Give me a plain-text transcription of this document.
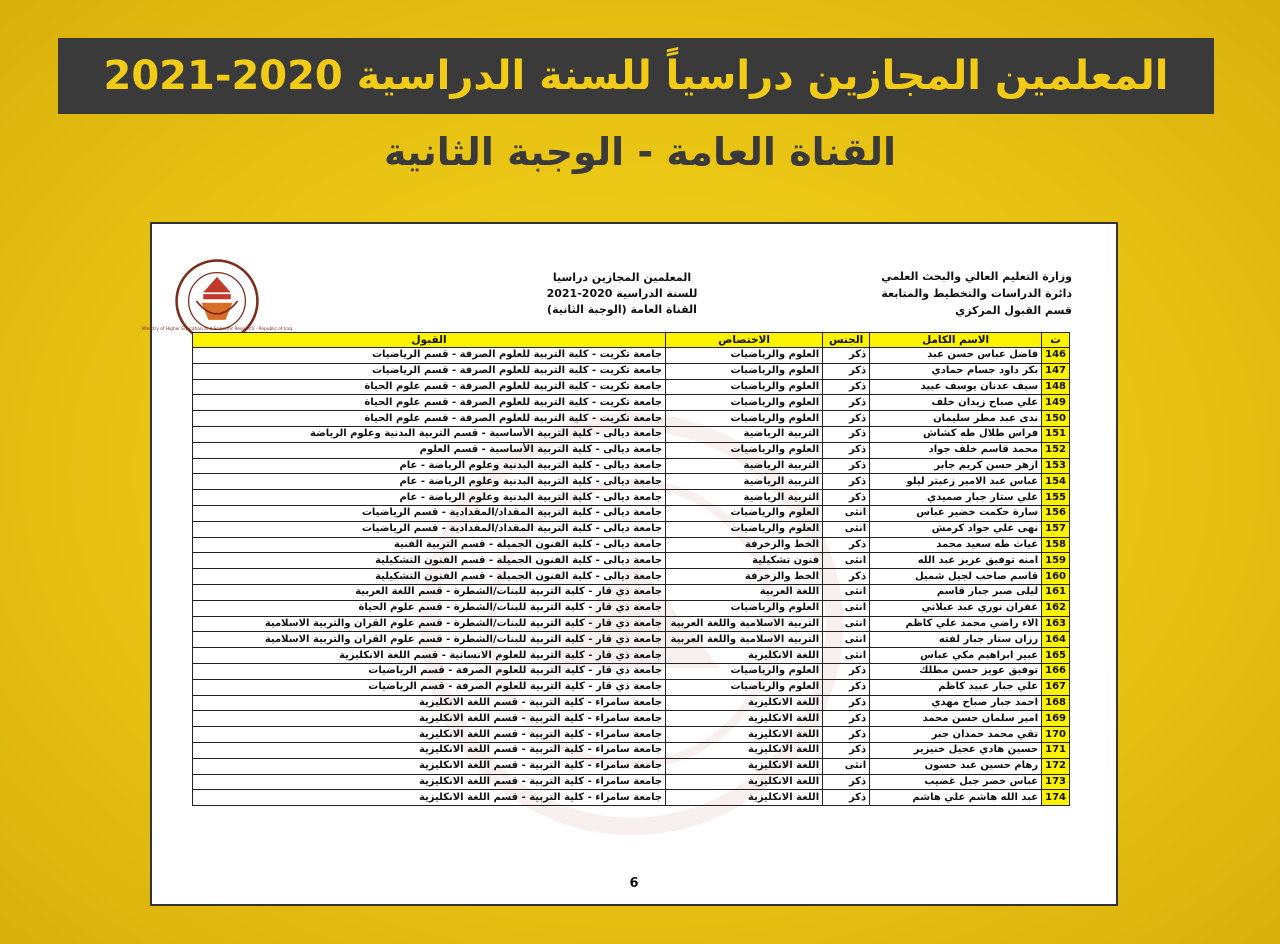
المعلمين المجازين دراسياً للسنة الدراسية 2020-2021
القناة العامة - الوجبة الثانية
وزارة التعليم العالي والبحث العلمي
دائرة الدراسات والتخطيط والمتابعة
قسم القبول المركزي
المعلمين المجازين دراسيا
للسنة الدراسية 2020-2021
القناة العامة (الوجبة الثانية)
Ministry of Higher Education and Scientific Research - Republic of Iraq
ت	الاسم الكامل	الجنس	الاختصاص	القبول
146	فاضل عباس حسن عبد	ذكر	العلوم والرياضيات	جامعة تكريت - كلية التربية للعلوم الصرفة - قسم الرياضيات
147	بكر داود جسام حمادي	ذكر	العلوم والرياضيات	جامعة تكريت - كلية التربية للعلوم الصرفة - قسم الرياضيات
148	سيف عدنان يوسف عبيد	ذكر	العلوم والرياضيات	جامعة تكريت - كلية التربية للعلوم الصرفة - قسم علوم الحياة
149	علي صباح زيدان خلف	ذكر	العلوم والرياضيات	جامعة تكريت - كلية التربية للعلوم الصرفة - قسم علوم الحياة
150	ندى عبد مطر سليمان	ذكر	العلوم والرياضيات	جامعة تكريت - كلية التربية للعلوم الصرفة - قسم علوم الحياة
151	فراس طلال طه كشاش	ذكر	التربية الرياضية	جامعة ديالى - كلية التربية الأساسية - قسم التربية البدنية وعلوم الرياضة
152	محمد قاسم خلف جواد	ذكر	العلوم والرياضيات	جامعة ديالى - كلية التربية الأساسية - قسم العلوم
153	ازهر حسن كريم جابر	ذكر	التربية الرياضية	جامعة ديالى - كلية التربية البدنية وعلوم الرياضة - عام
154	عباس عبد الامير زعيتر ليلو	ذكر	التربية الرياضية	جامعة ديالى - كلية التربية البدنية وعلوم الرياضة - عام
155	علي ستار جبار صميدي	ذكر	التربية الرياضية	جامعة ديالى - كلية التربية البدنية وعلوم الرياضة - عام
156	سارة حكمت خضير عباس	انثى	العلوم والرياضيات	جامعة ديالى - كلية التربية المقداد/المقدادية - قسم الرياضيات
157	نهى علي جواد كرمش	انثى	العلوم والرياضيات	جامعة ديالى - كلية التربية المقداد/المقدادية - قسم الرياضيات
158	غياث طه سعيد محمد	ذكر	الخط والزخرفة	جامعة ديالى - كلية الفنون الجميلة - قسم التربية الفنية
159	امنه توفيق عزيز عبد الله	انثى	فنون تشكيلية	جامعة ديالى - كلية الفنون الجميلة - قسم الفنون التشكيلية
160	قاسم صاحب لجيل شميل	ذكر	الخط والزخرفة	جامعة ديالى - كلية الفنون الجميلة - قسم الفنون التشكيلية
161	ليلى صبر جبار قاسم	انثى	اللغة العربية	جامعة ذي قار - كلية التربية للبنات/الشطرة - قسم اللغة العربية
162	غفران نوري عبد عبلاني	انثى	العلوم والرياضيات	جامعة ذي قار - كلية التربية للبنات/الشطرة - قسم علوم الحياة
163	الاء راضي محمد علي كاظم	انثى	التربية الاسلامية واللغة العربية	جامعة ذي قار - كلية التربية للبنات/الشطرة - قسم علوم القران والتربية الاسلامية
164	رزان ستار جبار لفته	انثى	التربية الاسلامية واللغة العربية	جامعة ذي قار - كلية التربية للبنات/الشطرة - قسم علوم القران والتربية الاسلامية
165	عبير ابراهيم مكي عباس	انثى	اللغة الانكليزية	جامعة ذي قار - كلية التربية للعلوم الانسانية - قسم اللغة الانكليزية
166	توفيق عويز حسن مطلك	ذكر	العلوم والرياضيات	جامعة ذي قار - كلية التربية للعلوم الصرفة - قسم الرياضيات
167	علي جبار عبيد كاظم	ذكر	العلوم والرياضيات	جامعة ذي قار - كلية التربية للعلوم الصرفة - قسم الرياضيات
168	احمد جبار صباح مهدي	ذكر	اللغة الانكليزية	جامعة سامراء - كلية التربية - قسم اللغة الانكليزية
169	امير سلمان حسن محمد	ذكر	اللغة الانكليزية	جامعة سامراء - كلية التربية - قسم اللغة الانكليزية
170	تقي محمد حمدان جبر	ذكر	اللغة الانكليزية	جامعة سامراء - كلية التربية - قسم اللغة الانكليزية
171	حسين هادي عجيل خنيزير	ذكر	اللغة الانكليزية	جامعة سامراء - كلية التربية - قسم اللغة الانكليزية
172	رهام حسين عبد حسون	انثى	اللغة الانكليزية	جامعة سامراء - كلية التربية - قسم اللغة الانكليزية
173	عباس خضر جبل غضيب	ذكر	اللغة الانكليزية	جامعة سامراء - كلية التربية - قسم اللغة الانكليزية
174	عبد الله هاشم علي هاشم	ذكر	اللغة الانكليزية	جامعة سامراء - كلية التربية - قسم اللغة الانكليزية
6
